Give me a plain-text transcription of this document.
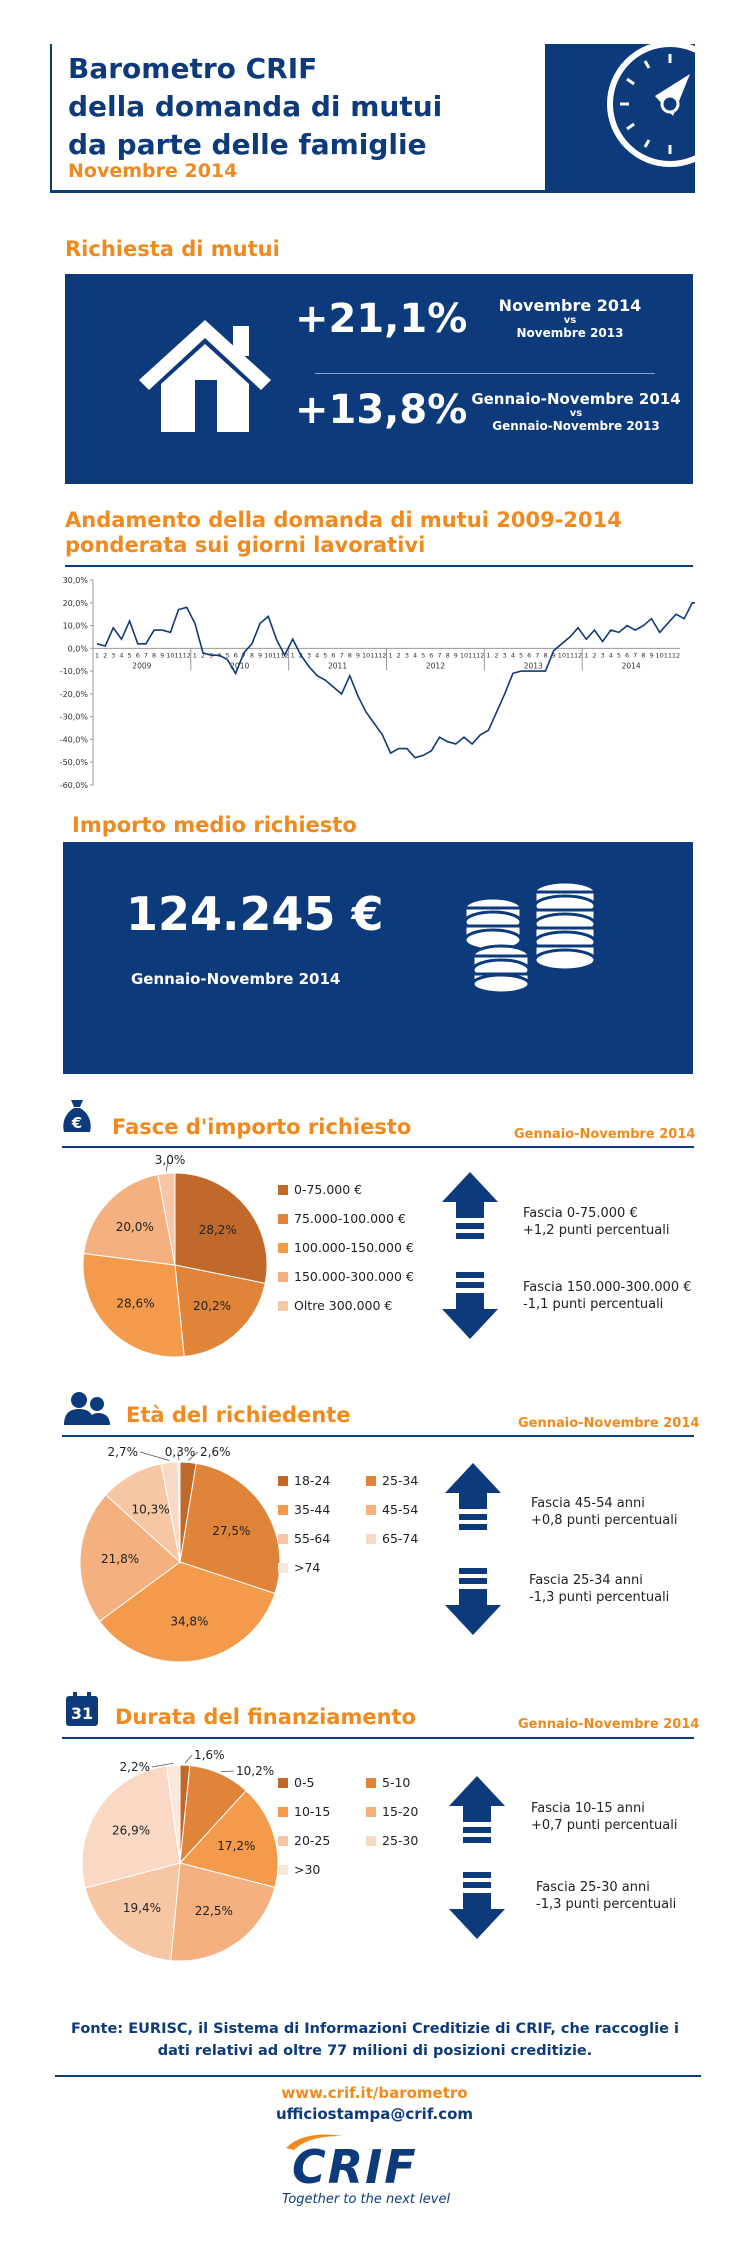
Barometro CRIF
della domanda di mutui
da parte delle famiglie
Novembre 2014
Richiesta di mutui
+21,1%	Novembre 2014
vs
Novembre 2013
+13,8% Gennaio-Novembre 2014
vs
Gennaio-Novembre 2013
Andamento della domanda di mutui 2009-2014
ponderata sui giorni lavorativi
30,0%
20,0%
10,0%
0,0%
-10,0%
-20,0%
-30,0%
-40,0%
-50,0%
-60,0%
1 2 3 4 5 6 7 8 9 10 11 12
2009
1 2 3 4 5 6 7 8 9 10 11 12
2010
1 2 3 4 5 6 7 8 9 10 11 12
2011
1 2 3 4 5 6 7 8 9 10 11 12
2012
1 2 3 4 5 6 7 8 9 10 11 12
2013
1 2 3 4 5 6 7 8 9 10 11 12
2014
Importo medio richiesto
124.245 €
Gennaio-Novembre 2014
€ Fasce d'importo richiesto	Gennaio-Novembre 2014
28,2%
20,2%
28,6%
20,0%
3,0%
0-75.000 €
75.000-100.000 €
100.000-150.000 €
150.000-300.000 €
Oltre 300.000 €
Fascia 0-75.000 €
+1,2 punti percentuali
Fascia 150.000-300.000 €
-1,1 punti percentuali
Età del richiedente	Gennaio-Novembre 2014
2,6%
27,5%
34,8%
21,8%
10,3%
2,7% 0,3%
18-24	25-34
35-44	45-54
55-64	65-74
>74
Fascia 45-54 anni
+0,8 punti percentuali
Fascia 25-34 anni
-1,3 punti percentuali
31 Durata del finanziamento	Gennaio-Novembre 2014
1,6%
10,2%
17,2%
22,5%
19,4%
26,9%
2,2%
0-5	5-10
10-15	15-20
20-25	25-30
>30
Fascia 10-15 anni
+0,7 punti percentuali
Fascia 25-30 anni
-1,3 punti percentuali
Fonte: EURISC, il Sistema di Informazioni Creditizie di CRIF, che raccoglie i
dati relativi ad oltre 77 milioni di posizioni creditizie.
www.crif.it/barometro
ufficiostampa@crif.com
CRIF
Together to the next level
